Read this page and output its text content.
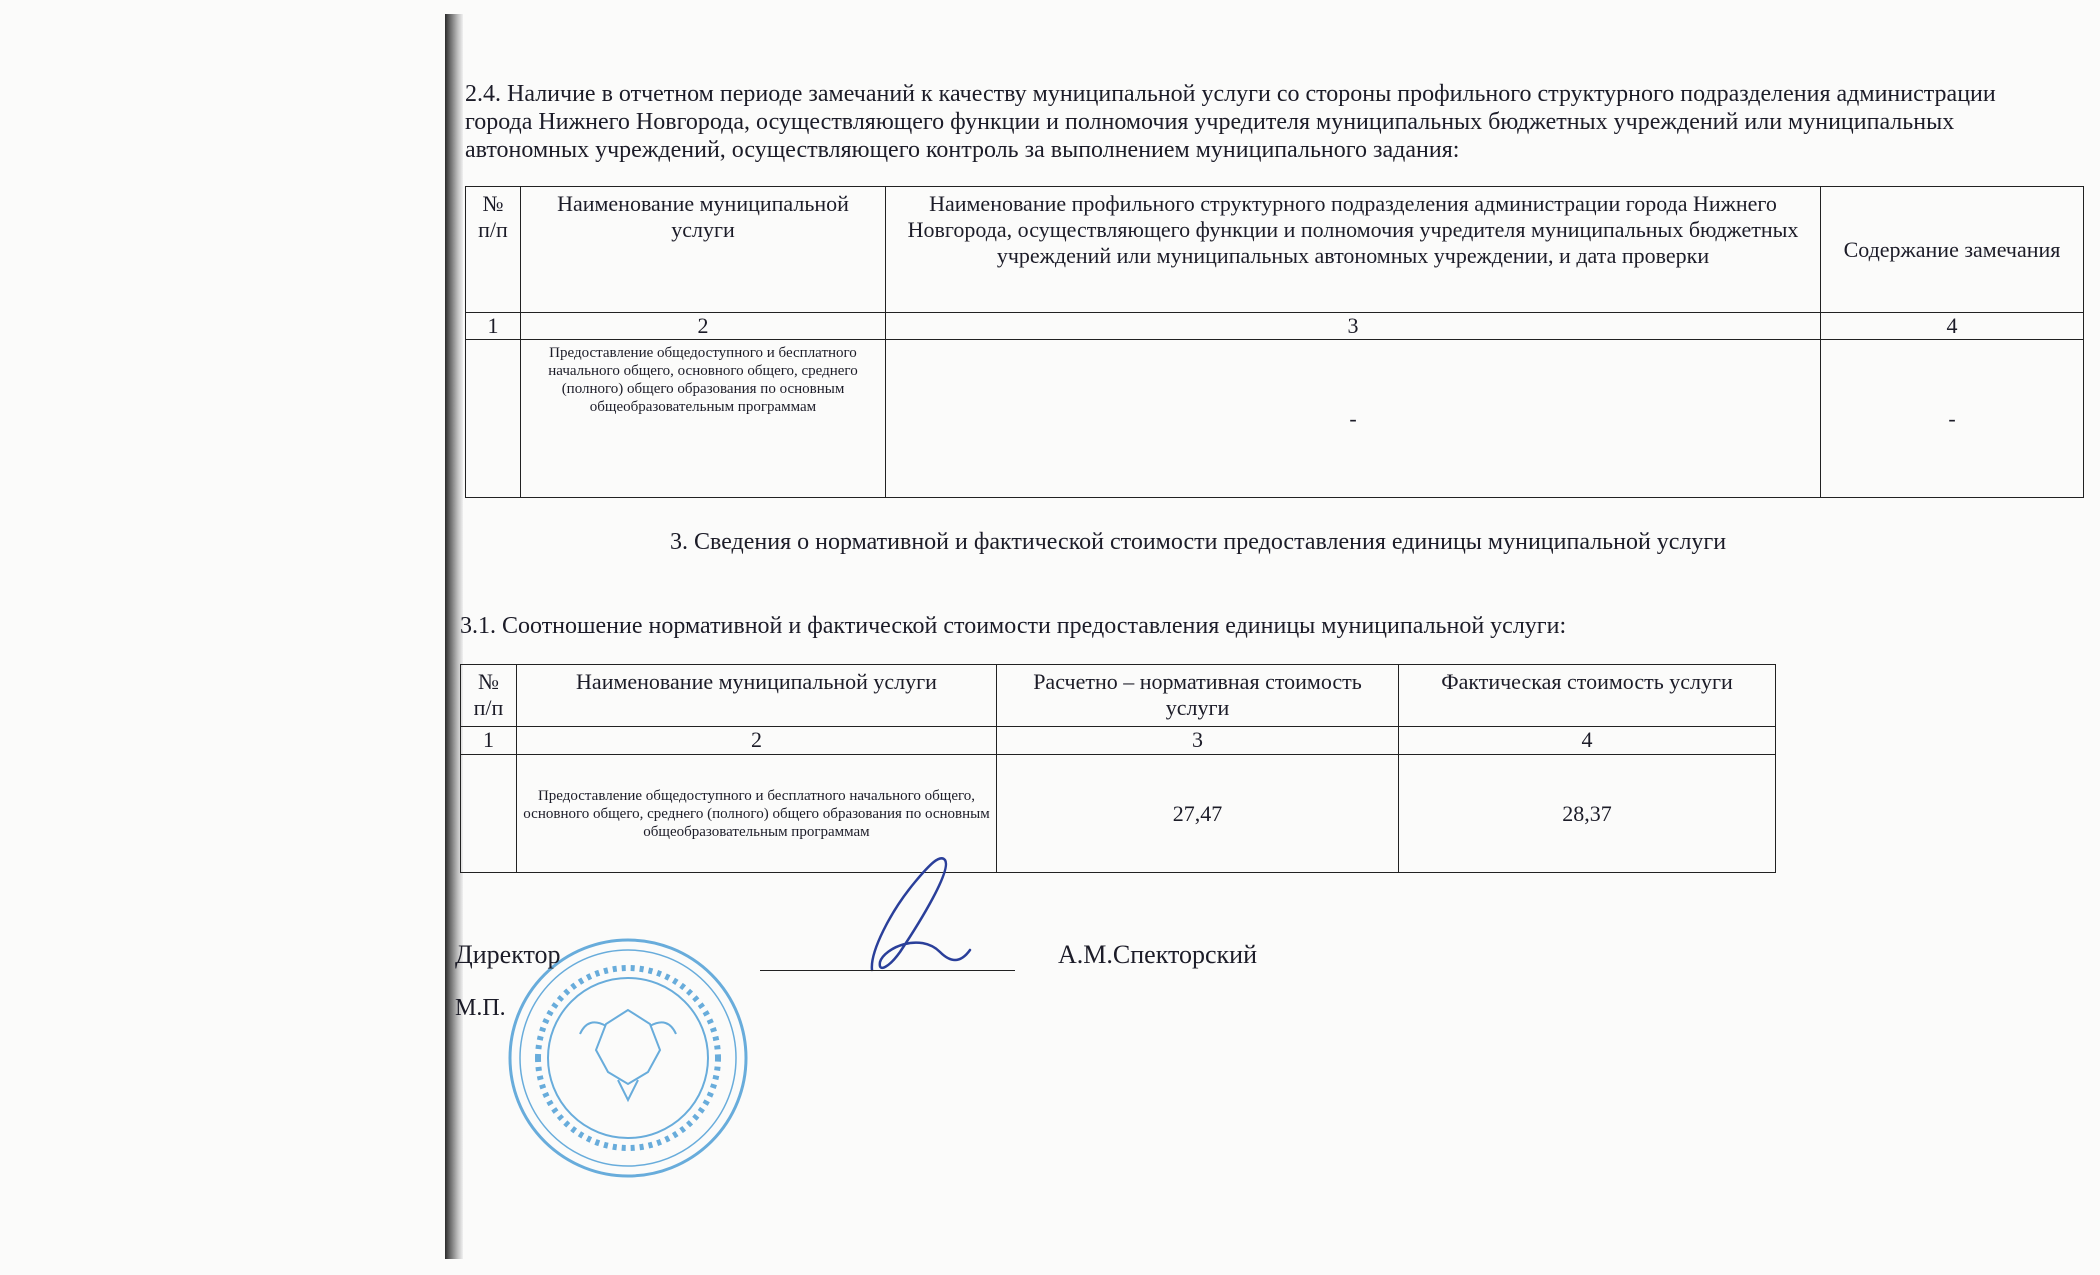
2.4. Наличие в отчетном периоде замечаний к качеству муниципальной услуги со стороны профильного структурного подразделения администрации города Нижнего Новгорода, осуществляющего функции и полномочия учредителя муниципальных бюджетных учреждений или муниципальных автономных учреждений, осуществляющего контроль за выполнением муниципального задания:

№ п/п	Наименование муниципальной услуги	Наименование профильного структурного подразделения администрации города Нижнего Новгорода, осуществляющего функции и полномочия учредителя муниципальных бюджетных учреждений или муниципальных автономных учреждении, и дата проверки	Содержание замечания
1	2	3	4
	Предоставление общедоступного и бесплатного начального общего, основного общего, среднего (полного) общего образования по основным общеобразовательным программам	-	-
3. Сведения о нормативной и фактической стоимости предоставления единицы муниципальной услуги

3.1. Соотношение нормативной и фактической стоимости предоставления единицы муниципальной услуги:

№ п/п	Наименование муниципальной услуги	Расчетно – нормативная стоимость услуги	Фактическая стоимость услуги
1	2	3	4
	Предоставление общедоступного и бесплатного начального общего, основного общего, среднего (полного) общего образования по основным общеобразовательным программам	27,47	28,37
Директор	А.М.Спекторский
М.П.
